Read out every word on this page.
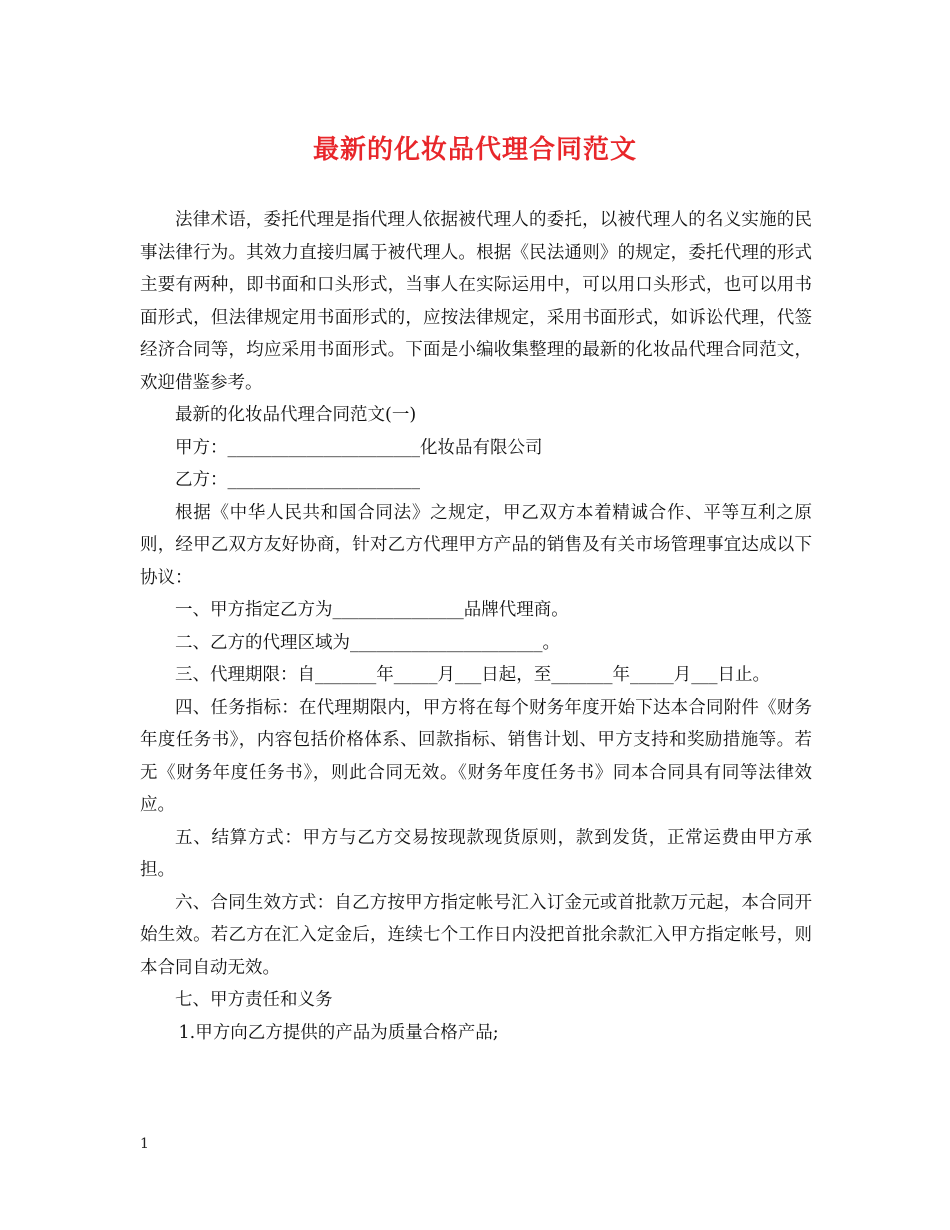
最新的化妆品代理合同范文

法律术语，委托代理是指代理人依据被代理人的委托，以被代理人的名义实施的民事法律行为。其效力直接归属于被代理人。根据《民法通则》的规定，委托代理的形式主要有两种，即书面和口头形式，当事人在实际运用中，可以用口头形式，也可以用书面形式，但法律规定用书面形式的，应按法律规定，采用书面形式，如诉讼代理，代签经济合同等，均应采用书面形式。下面是小编收集整理的最新的化妆品代理合同范文，欢迎借鉴参考。

最新的化妆品代理合同范文(一)

甲方：______________________化妆品有限公司

乙方：______________________

根据《中华人民共和国合同法》之规定，甲乙双方本着精诚合作、平等互利之原则，经甲乙双方友好协商，针对乙方代理甲方产品的销售及有关市场管理事宜达成以下协议：

一、甲方指定乙方为_______________品牌代理商。

二、乙方的代理区域为______________________。

三、代理期限：自_______年_____月___日起，至_______年_____月___日止。

四、任务指标：在代理期限内，甲方将在每个财务年度开始下达本合同附件《财务年度任务书》，内容包括价格体系、回款指标、销售计划、甲方支持和奖励措施等。若无《财务年度任务书》，则此合同无效。《财务年度任务书》同本合同具有同等法律效应。

五、结算方式：甲方与乙方交易按现款现货原则，款到发货，正常运费由甲方承担。

六、合同生效方式：自乙方按甲方指定帐号汇入订金元或首批款万元起，本合同开始生效。若乙方在汇入定金后，连续七个工作日内没把首批余款汇入甲方指定帐号，则本合同自动无效。

七、甲方责任和义务

1.甲方向乙方提供的产品为质量合格产品;

1
